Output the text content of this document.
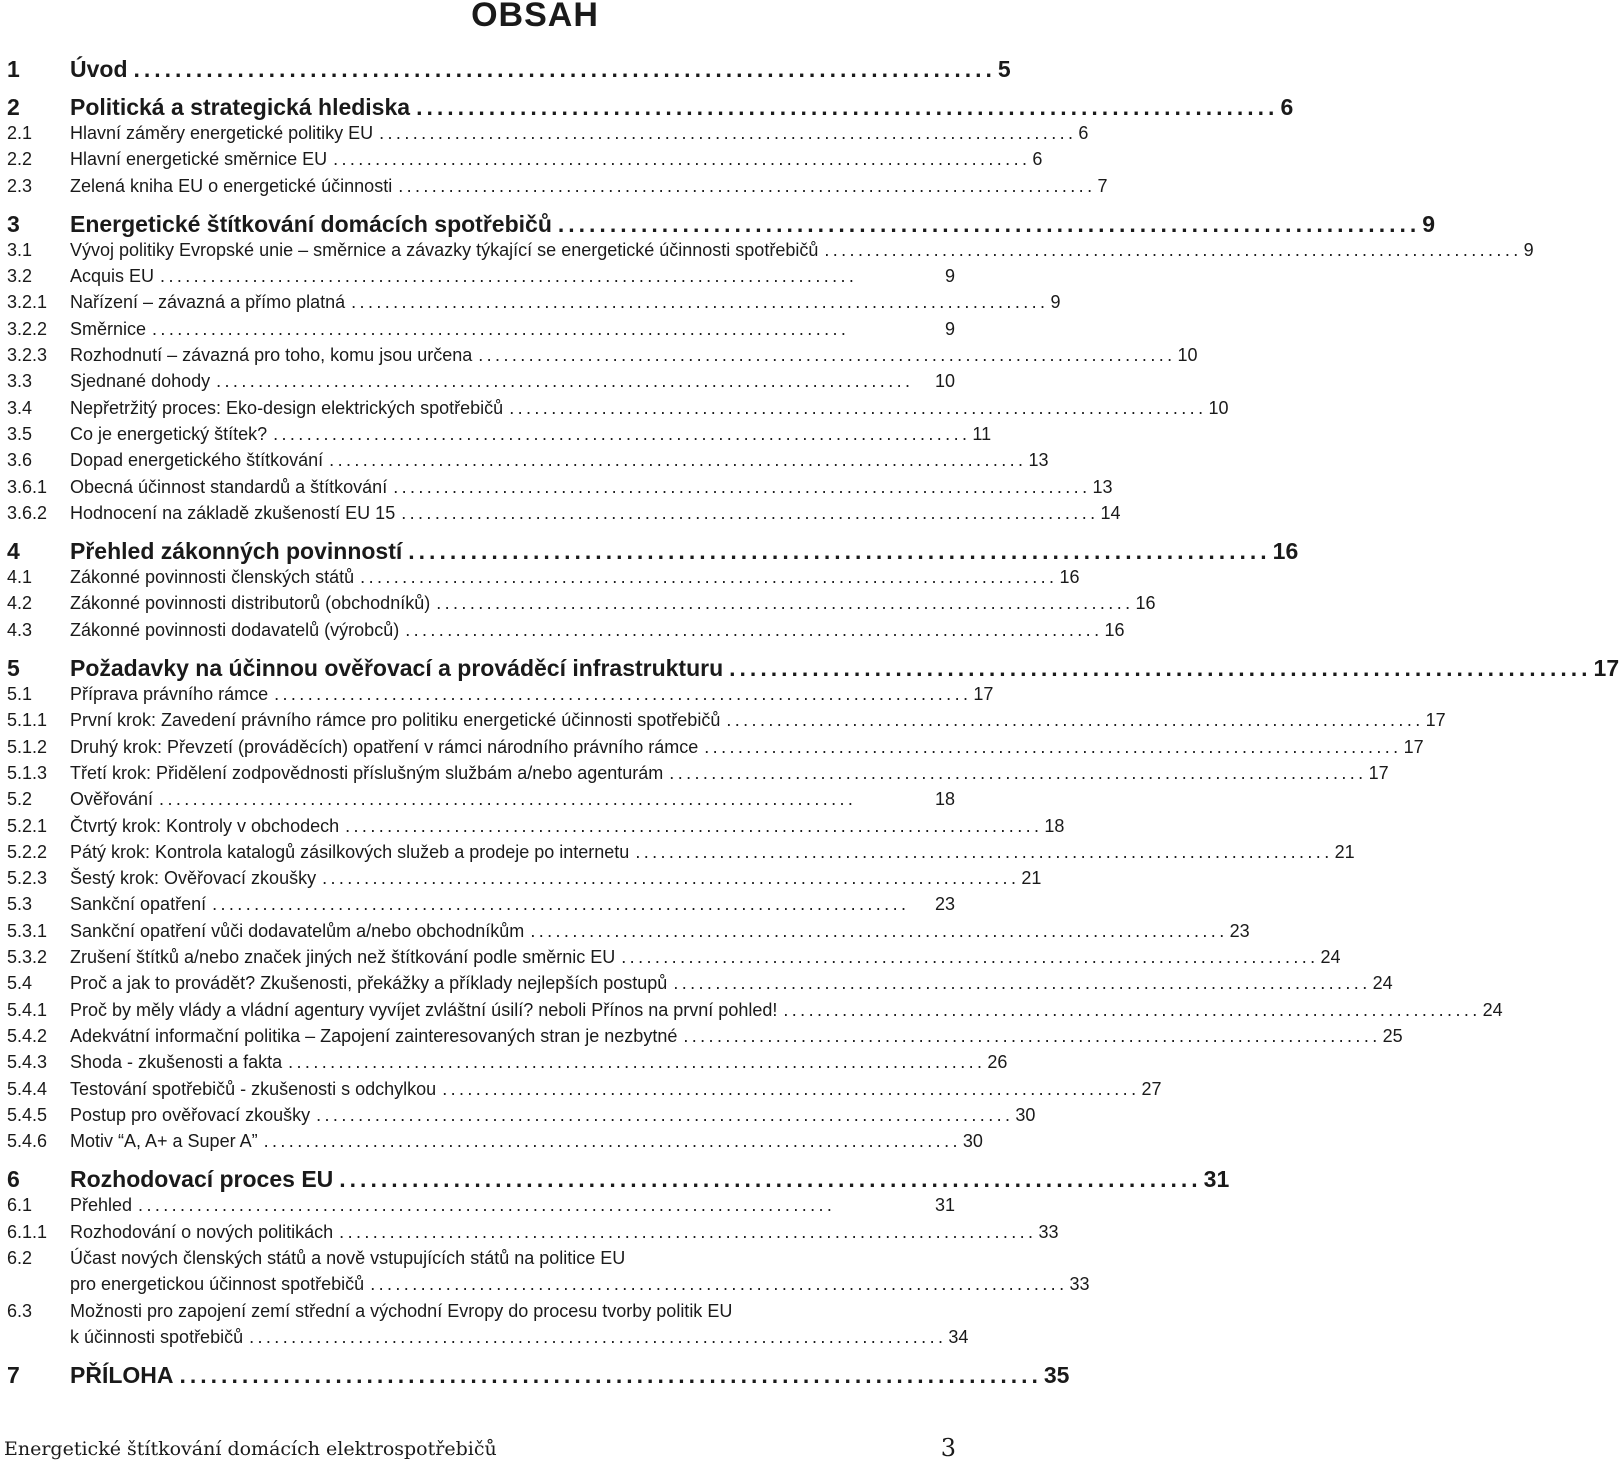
OBSAH
1	Úvod ................................................................................... 5
2	Politická a strategická hlediska ................................................................................... 6
2.1	Hlavní záměry energetické politiky EU ................................................................................... 6
2.2	Hlavní energetické směrnice EU ................................................................................... 6
2.3	Zelená kniha EU o energetické účinnosti ................................................................................... 7
3	Energetické štítkování domácích spotřebičů ................................................................................... 9
3.1	Vývoj politiky Evropské unie – směrnice a závazky týkající se energetické účinnosti spotřebičů ................................................................................... 9
3.2	Acquis EU ...................................................................................	9
3.2.1	Nařízení – závazná a přímo platná ................................................................................... 9
3.2.2	Směrnice ...................................................................................	9
3.2.3	Rozhodnutí – závazná pro toho, komu jsou určena ................................................................................... 10
3.3	Sjednané dohody ...................................................................................	10
3.4	Nepřetržitý proces: Eko-design elektrických spotřebičů ................................................................................... 10
3.5	Co je energetický štítek? ................................................................................... 11
3.6	Dopad energetického štítkování ................................................................................... 13
3.6.1	Obecná účinnost standardů a štítkování ................................................................................... 13
3.6.2	Hodnocení na základě zkušeností EU 15 ................................................................................... 14
4	Přehled zákonných povinností ................................................................................... 16
4.1	Zákonné povinnosti členských států ................................................................................... 16
4.2	Zákonné povinnosti distributorů (obchodníků) ................................................................................... 16
4.3	Zákonné povinnosti dodavatelů (výrobců) ................................................................................... 16
5	Požadavky na účinnou ověřovací a prováděcí infrastrukturu ................................................................................... 17
5.1	Příprava právního rámce ................................................................................... 17
5.1.1	První krok: Zavedení právního rámce pro politiku energetické účinnosti spotřebičů ................................................................................... 17
5.1.2	Druhý krok: Převzetí (prováděcích) opatření v rámci národního právního rámce ................................................................................... 17
5.1.3	Třetí krok: Přidělení zodpovědnosti příslušným službám a/nebo agenturám ................................................................................... 17
5.2	Ověřování ...................................................................................	18
5.2.1	Čtvrtý krok: Kontroly v obchodech ................................................................................... 18
5.2.2	Pátý krok: Kontrola katalogů zásilkových služeb a prodeje po internetu ................................................................................... 21
5.2.3	Šestý krok: Ověřovací zkoušky ................................................................................... 21
5.3	Sankční opatření ...................................................................................	23
5.3.1	Sankční opatření vůči dodavatelům a/nebo obchodníkům ................................................................................... 23
5.3.2	Zrušení štítků a/nebo značek jiných než štítkování podle směrnic EU ................................................................................... 24
5.4	Proč a jak to provádět? Zkušenosti, překážky a příklady nejlepších postupů ................................................................................... 24
5.4.1	Proč by měly vlády a vládní agentury vyvíjet zvláštní úsilí? neboli Přínos na první pohled! ................................................................................... 24
5.4.2	Adekvátní informační politika – Zapojení zainteresovaných stran je nezbytné ................................................................................... 25
5.4.3	Shoda - zkušenosti a fakta ................................................................................... 26
5.4.4	Testování spotřebičů - zkušenosti s odchylkou ................................................................................... 27
5.4.5	Postup pro ověřovací zkoušky ................................................................................... 30
5.4.6	Motiv “A, A+ a Super A” ................................................................................... 30
6	Rozhodovací proces EU ................................................................................... 31
6.1	Přehled ...................................................................................	31
6.1.1	Rozhodování o nových politikách ................................................................................... 33
6.2	Účast nových členských států a nově vstupujících států na politice EU
pro energetickou účinnost spotřebičů ................................................................................... 33
6.3	Možnosti pro zapojení zemí střední a východní Evropy do procesu tvorby politik EU
k účinnosti spotřebičů ................................................................................... 34
7	PŘÍLOHA ................................................................................... 35
Energetické štítkování domácích elektrospotřebičů	3
